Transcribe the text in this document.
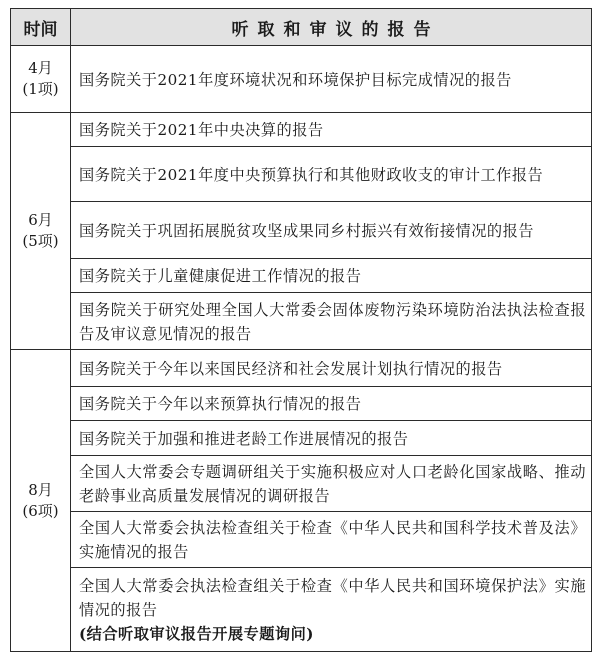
时间	听取和审议的报告

4月
(1项)	国务院关于2021年度环境状况和环境保护目标完成情况的报告

6月
(5项)	国务院关于2021年中央决算的报告

	国务院关于2021年度中央预算执行和其他财政收支的审计工作报告

	国务院关于巩固拓展脱贫攻坚成果同乡村振兴有效衔接情况的报告

	国务院关于儿童健康促进工作情况的报告

	国务院关于研究处理全国人大常委会固体废物污染环境防治法执法检查报告及审议意见情况的报告

8月
(6项)	国务院关于今年以来国民经济和社会发展计划执行情况的报告

	国务院关于今年以来预算执行情况的报告

	国务院关于加强和推进老龄工作进展情况的报告

	全国人大常委会专题调研组关于实施积极应对人口老龄化国家战略、推动老龄事业高质量发展情况的调研报告

	全国人大常委会执法检查组关于检查《中华人民共和国科学技术普及法》实施情况的报告

	全国人大常委会执法检查组关于检查《中华人民共和国环境保护法》实施情况的报告
(结合听取审议报告开展专题询问)
